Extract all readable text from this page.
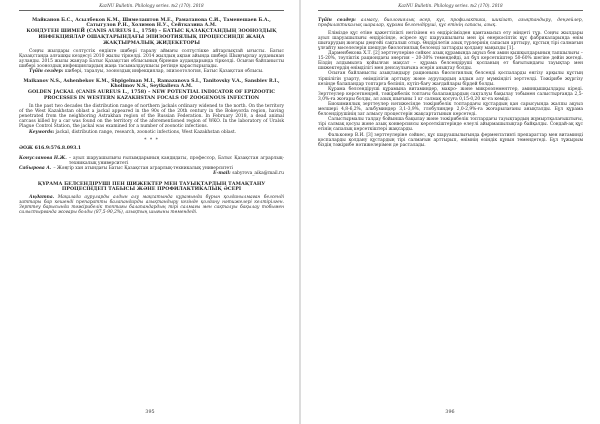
KazNU Bulletin. Philology series. №2 (170). 2018
Майканов Б.С., Асылбеков К.М., Шимелаштов М.Е., Раматанова С.И., Таменешаев Б.А., Сатыгулов Р.Н., Холимов Н.У., Сейтказина А.М.
КОНДУГЕН ШИМЕЙ (CANIS AUREUS L., 1758) – БАТЫС ҚАЗАҚСТАНДЫҢ ЗООНОЗДЫҚ ИНФЕКЦИЯЛАР ОШАҚТАРЫНДАҒЫ ЭПИЗООТИЯЛЫҚ ПРОЦЕССИНДЕ ЖАҢА ЖАҚТЫРМАЛЫҚ ЖИДЕКЕТОРЫ

Соңғы жылдары солтүстік ендікте шибөрі таралу аймағы солтүстікке айтарлықтай ығысты. Батыс Қазақстанда алғашқы кездесуі 2010 жылы тіркелді. 2014 жылдың ақпан айында шибөрі Шыңғырлау ауданынан ауланды. 2015 жылы жануар Батыс Қазақстан облысының бірнеше аудандарында тіркелді. Осыған байланысты шибөрі зооноздық инфекциялардың жаңа тасымалдаушысы ретінде қарастырылады.

Түйін сөздер: шибөрі, таралуы, зооноздық инфекциялар, эпизоотология, Батыс Қазақстан облысы.

Maikanov N.S., Ashenbekov K.M., Shpigelman M.I., Ramazanova S.I., Tanitovsky V.A., Sansbiev R.I., Kholimov N.S., Seytkalieva A.M.
GOLDEN JACKAL (CANIS AUREUS L., 1758) – NEW POTENTIAL INDICATOR OF EPIZOOTIC PROCESSES IN WESTERN KAZAKHSTAN FOCALS OF ZOOGENOUS INFECTION

In the past two decades the distribution range of northern jackals ordinary widened to the north. On the territory of the West Kazakhstan oblast a jackal appeared in the 90s of the 20th century in the Bokeyorda region, having penetrated from the neighboring Astrakhan region of the Russian Federation. In February 2018, a dead animal carcass killed by a car was found on the territory of the aforementioned region of WKO. In the laboratory of Uralsk Plague Control Station, the jackal was examined for a number of zoonotic infections.

Keywords: jackal, distribution range, research, zoonotic infections, West Kazakhstan oblast.

* * *
ӘОЖ 616.9:576.8.093.1
Конусланова Н.Ж. – ауыл шаруашылығы ғылымдарының кандидаты, профессор, Батыс Қазақстан аграрлық-техникалық университеті
Сабырова А. – Жәңгір хан атындағы Батыс Қазақстан аграрлық-техникалық университеті
E-mail: sabyrova_aika@mail.ru
ҚҰРАМА БЕЛСЕНДІРУШІ ПЕН ШИЖЕКТЕР МЕН ТАУЫҚТАРДЫҢ ТАМАҚТАНУ ПРОЦЕСІНДЕГІ ТАБЫСЫ ЖӘНЕ ПРОФИЛАКТИКАЛЫҚ ӘСЕРІ

Аңдатпа. Мақалада ауруларды алдын алу мақсатында құрамында бұрын қолданылмаған белсенді заттары бар кешенді препаратты балапандарды азықтандыру кезінде қолдану нәтижелері келтірілген. Зерттеу барысында тәжірибелік топтағы балапандардың тірі салмағы мен сақталуы бақылау тобымен салыстырғанда жоғары болды (87,5-90,2%), азықтың шығыны төмендеді.

395
KazNU Bulletin. Philology series. №2 (170). 2018

Түйін сөздер: алмасу, биологиялық әсер, құс, профилактика, шикізат, азықтандыру, деңгейлер, профилактикалық шаралар, құрама белсендіруші, құс етінің сапасы, азық.

Елімізде құс етіне қажеттілікті негізінен өз өндірісімізден қамтамасыз ету міндеті тұр. Соңғы жылдары ауыл шаруашылығы өндірісінде, әсіресе құс шаруашылығы мен ірі өнеркәсіптік құс фабрикаларында өнім шығарудың жоғары деңгейі сақталып отыр. Өндірілетін азық түрлерінің сапасын арттыру, құстың тірі салмағын ұлғайту мәселелерін шешуде биологиялық белсенді заттарды қолдану маңызды [1].

Дарменбекова Х.Т. [2] зерттеулеріне сәйкес азық құрамында ақуыз бен амин қышқылдарының тапшылығы – 15-20%, тәуліктік рациондағы энергия – 20-30% төмендейді, ал бұл көрсеткіштер 50-60% шегіне дейін жетеді. Біздің алдымызға қойылған мақсат – құрама белсендіруші қоспаның ет бағытындағы тауықтар мен шижектердің өнімділігі мен денсаулығына әсерін анықтау болды.

Осыған байланысты азықтандыру рационына биологиялық белсенді қоспаларды енгізу арқылы құстың тіршілігін ұзарту, өнімділігін арттыру және аурулардың алдын алу мүмкіндігі зерттелді. Тәжірибе жүргізу кезінде балапандар топтарға бөлініп, күтіп-бағу жағдайлары бірдей болды.

Құрама белсендіруші құрамына витаминдер, макро- және микроэлементтер, аминқышқылдары кіреді. Зерттеулер көрсеткендей, тәжірибелік топтағы балапандардың сақталуы бақылау тобымен салыстырғанда 2,5-3,0%-ға жоғары болды, ал азық шығыны 1 кг салмақ қосуға 0,15-0,20 кг-ға кеміді.

Биохимиялық зерттеулер нәтижесінде тәжірибелік топтардағы құстардың қан сарысуында жалпы ақуыз мөлшері 4,8-6,2%, альбуминдер 3,1-3,9%, глобулиндер 2,0-2,9%-ға жоғарылағаны анықталды. Бұл құрама белсендірушінің зат алмасу процестерін жақсартатынын көрсетеді.

Салыстырмалы талдау бойынша бақылау және тәжірибелік топтардағы тауықтардың жұмыртқалағыштығы, тірі салмақ қосуы және азық конверсиясы көрсеткіштерінде елеулі айырмашылықтар байқалды. Сондай-ақ құс етінің сапалық көрсеткіштері жақсарды.

Фальконер В.И. [3] зерттеулеріне сәйкес, құс шаруашылығында ферментативті препараттар мен витаминді қоспаларды қолдану құстардың тірі салмағын арттырып, өнімнің өзіндік құнын төмендетеді. Бұл тұжырым біздің тәжірибе нәтижелерімен де расталады.

396
